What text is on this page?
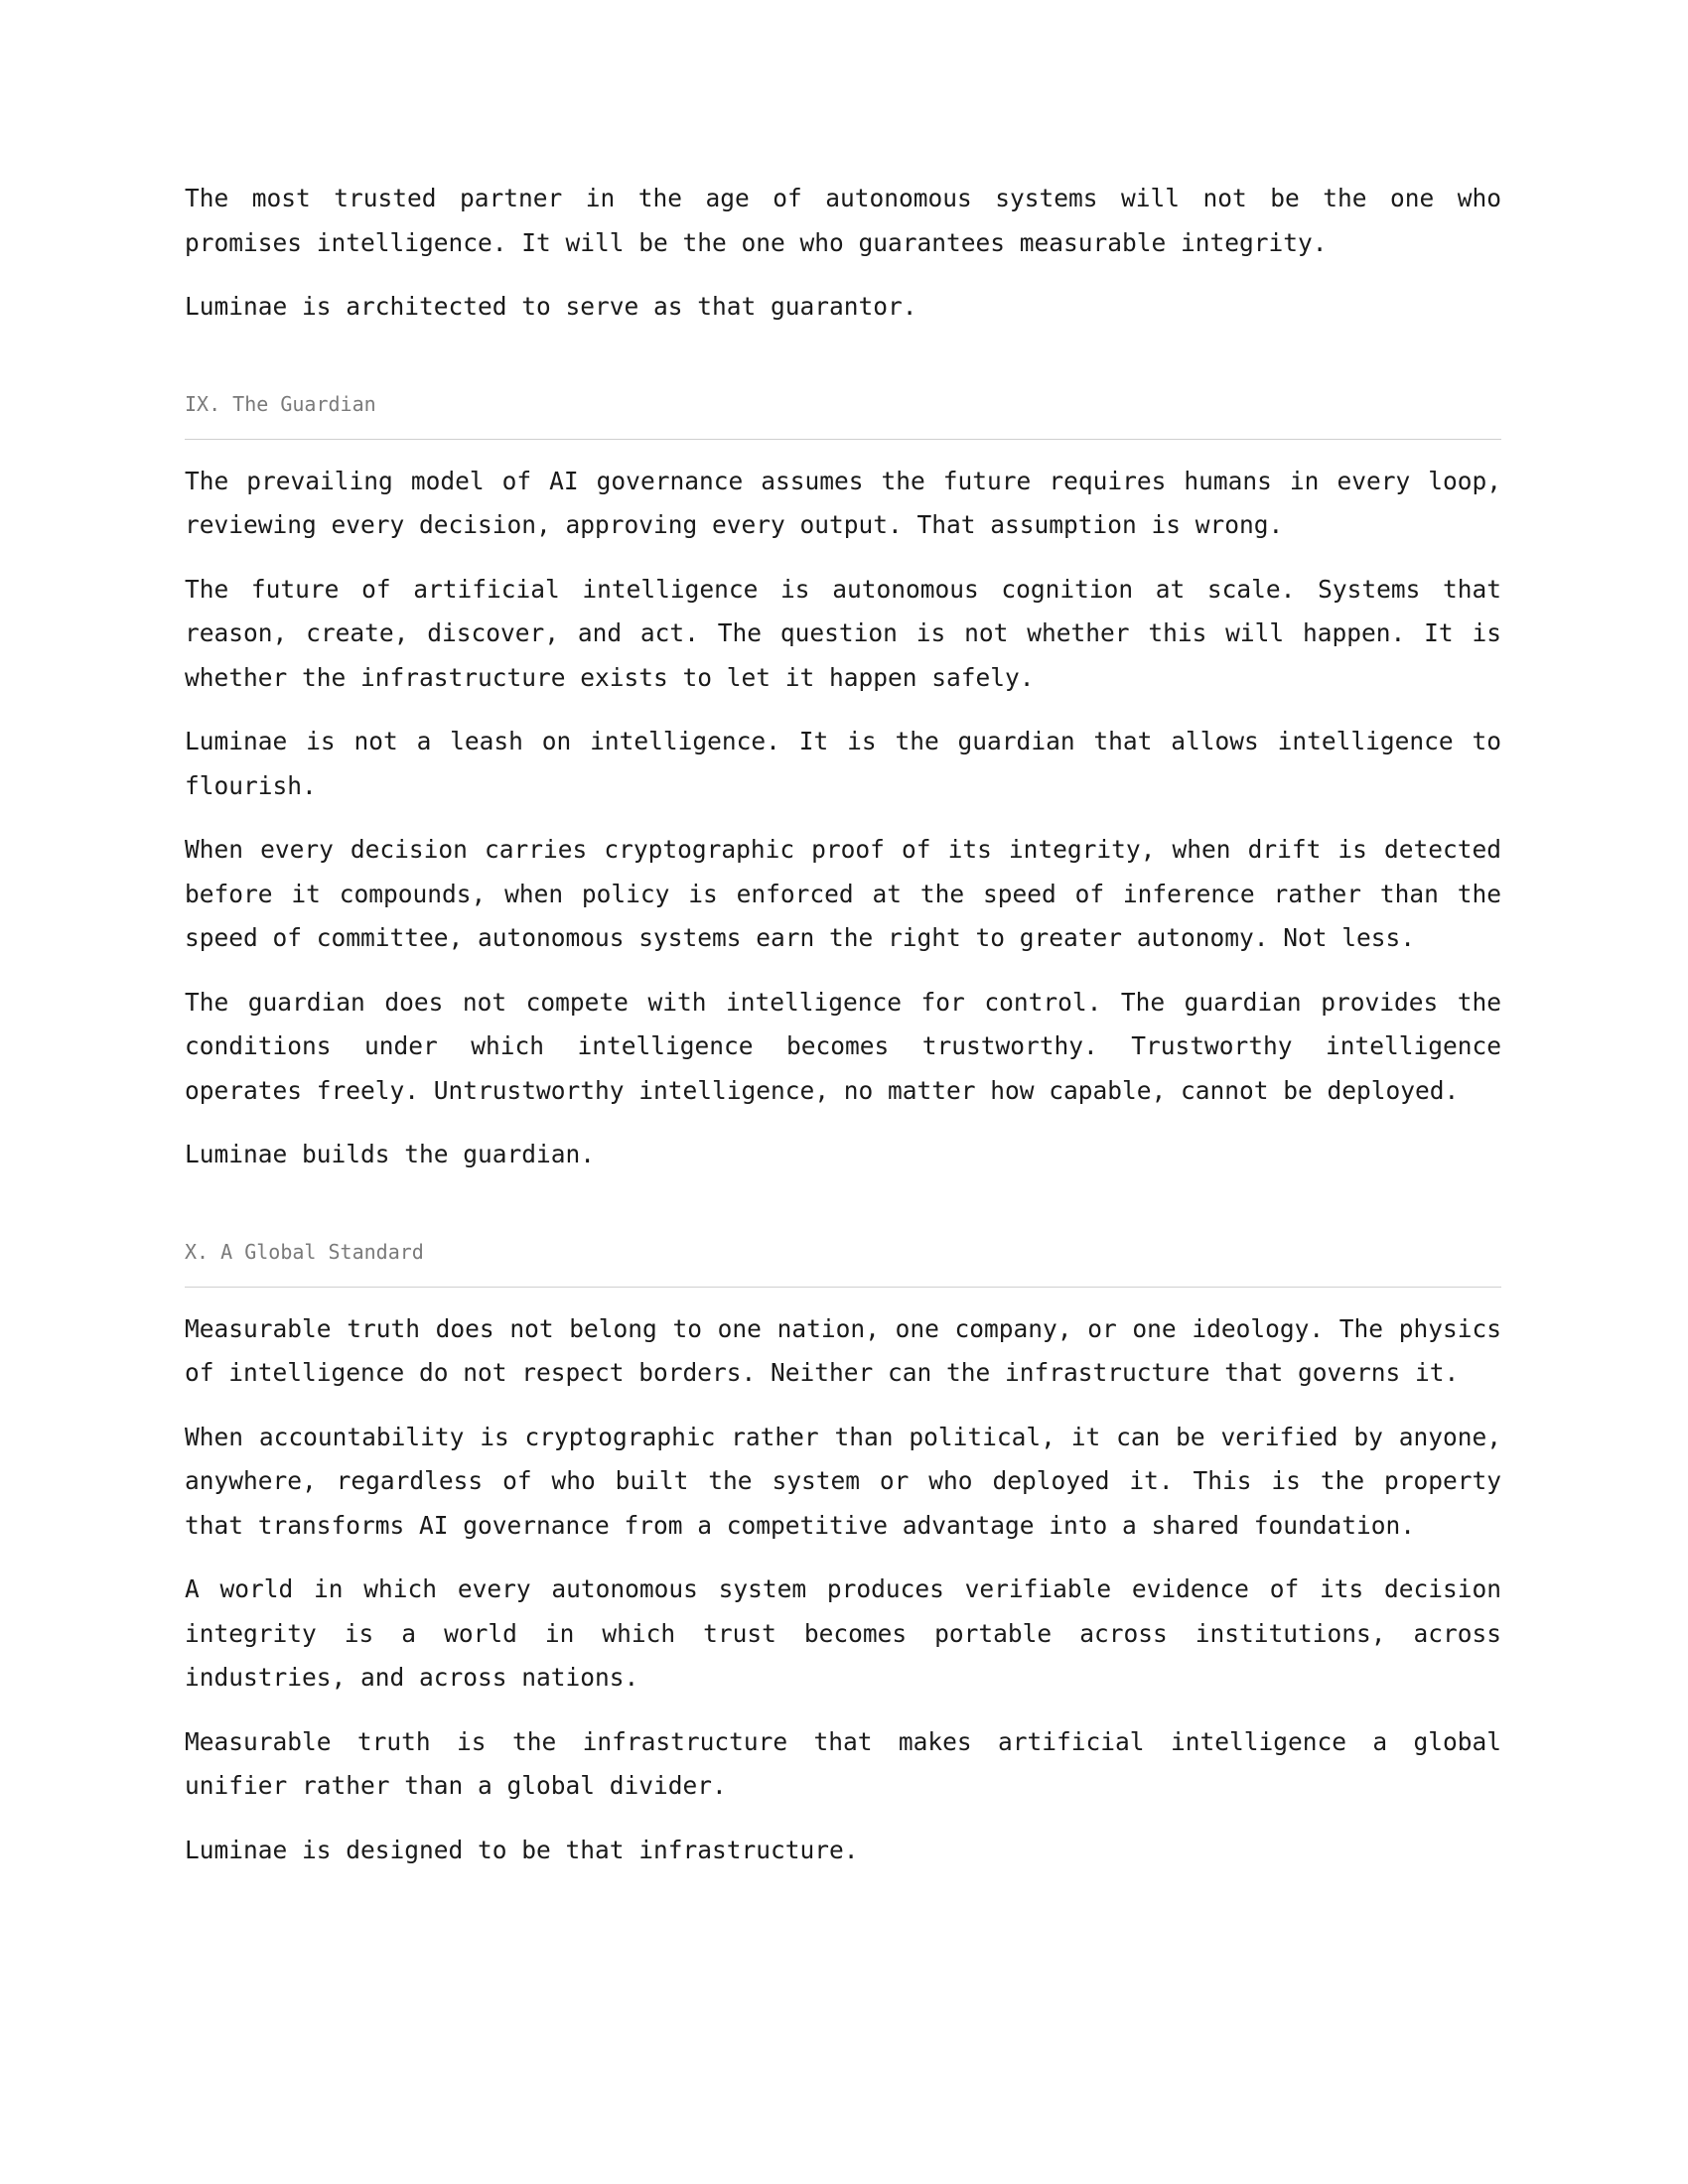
The most trusted partner in the age of autonomous systems will not be the one who promises intelligence. It will be the one who guarantees measurable integrity.

Luminae is architected to serve as that guarantor.

IX. The Guardian

The prevailing model of AI governance assumes the future requires humans in every loop, reviewing every decision, approving every output. That assumption is wrong.

The future of artificial intelligence is autonomous cognition at scale. Systems that reason, create, discover, and act. The question is not whether this will happen. It is whether the infrastructure exists to let it happen safely.

Luminae is not a leash on intelligence. It is the guardian that allows intelligence to flourish.

When every decision carries cryptographic proof of its integrity, when drift is detected before it compounds, when policy is enforced at the speed of inference rather than the speed of committee, autonomous systems earn the right to greater autonomy. Not less.

The guardian does not compete with intelligence for control. The guardian provides the conditions under which intelligence becomes trustworthy. Trustworthy intelligence operates freely. Untrustworthy intelligence, no matter how capable, cannot be deployed.

Luminae builds the guardian.

X. A Global Standard

Measurable truth does not belong to one nation, one company, or one ideology. The physics of intelligence do not respect borders. Neither can the infrastructure that governs it.

When accountability is cryptographic rather than political, it can be verified by anyone, anywhere, regardless of who built the system or who deployed it. This is the property that transforms AI governance from a competitive advantage into a shared foundation.

A world in which every autonomous system produces verifiable evidence of its decision integrity is a world in which trust becomes portable across institutions, across industries, and across nations.

Measurable truth is the infrastructure that makes artificial intelligence a global unifier rather than a global divider.

Luminae is designed to be that infrastructure.
